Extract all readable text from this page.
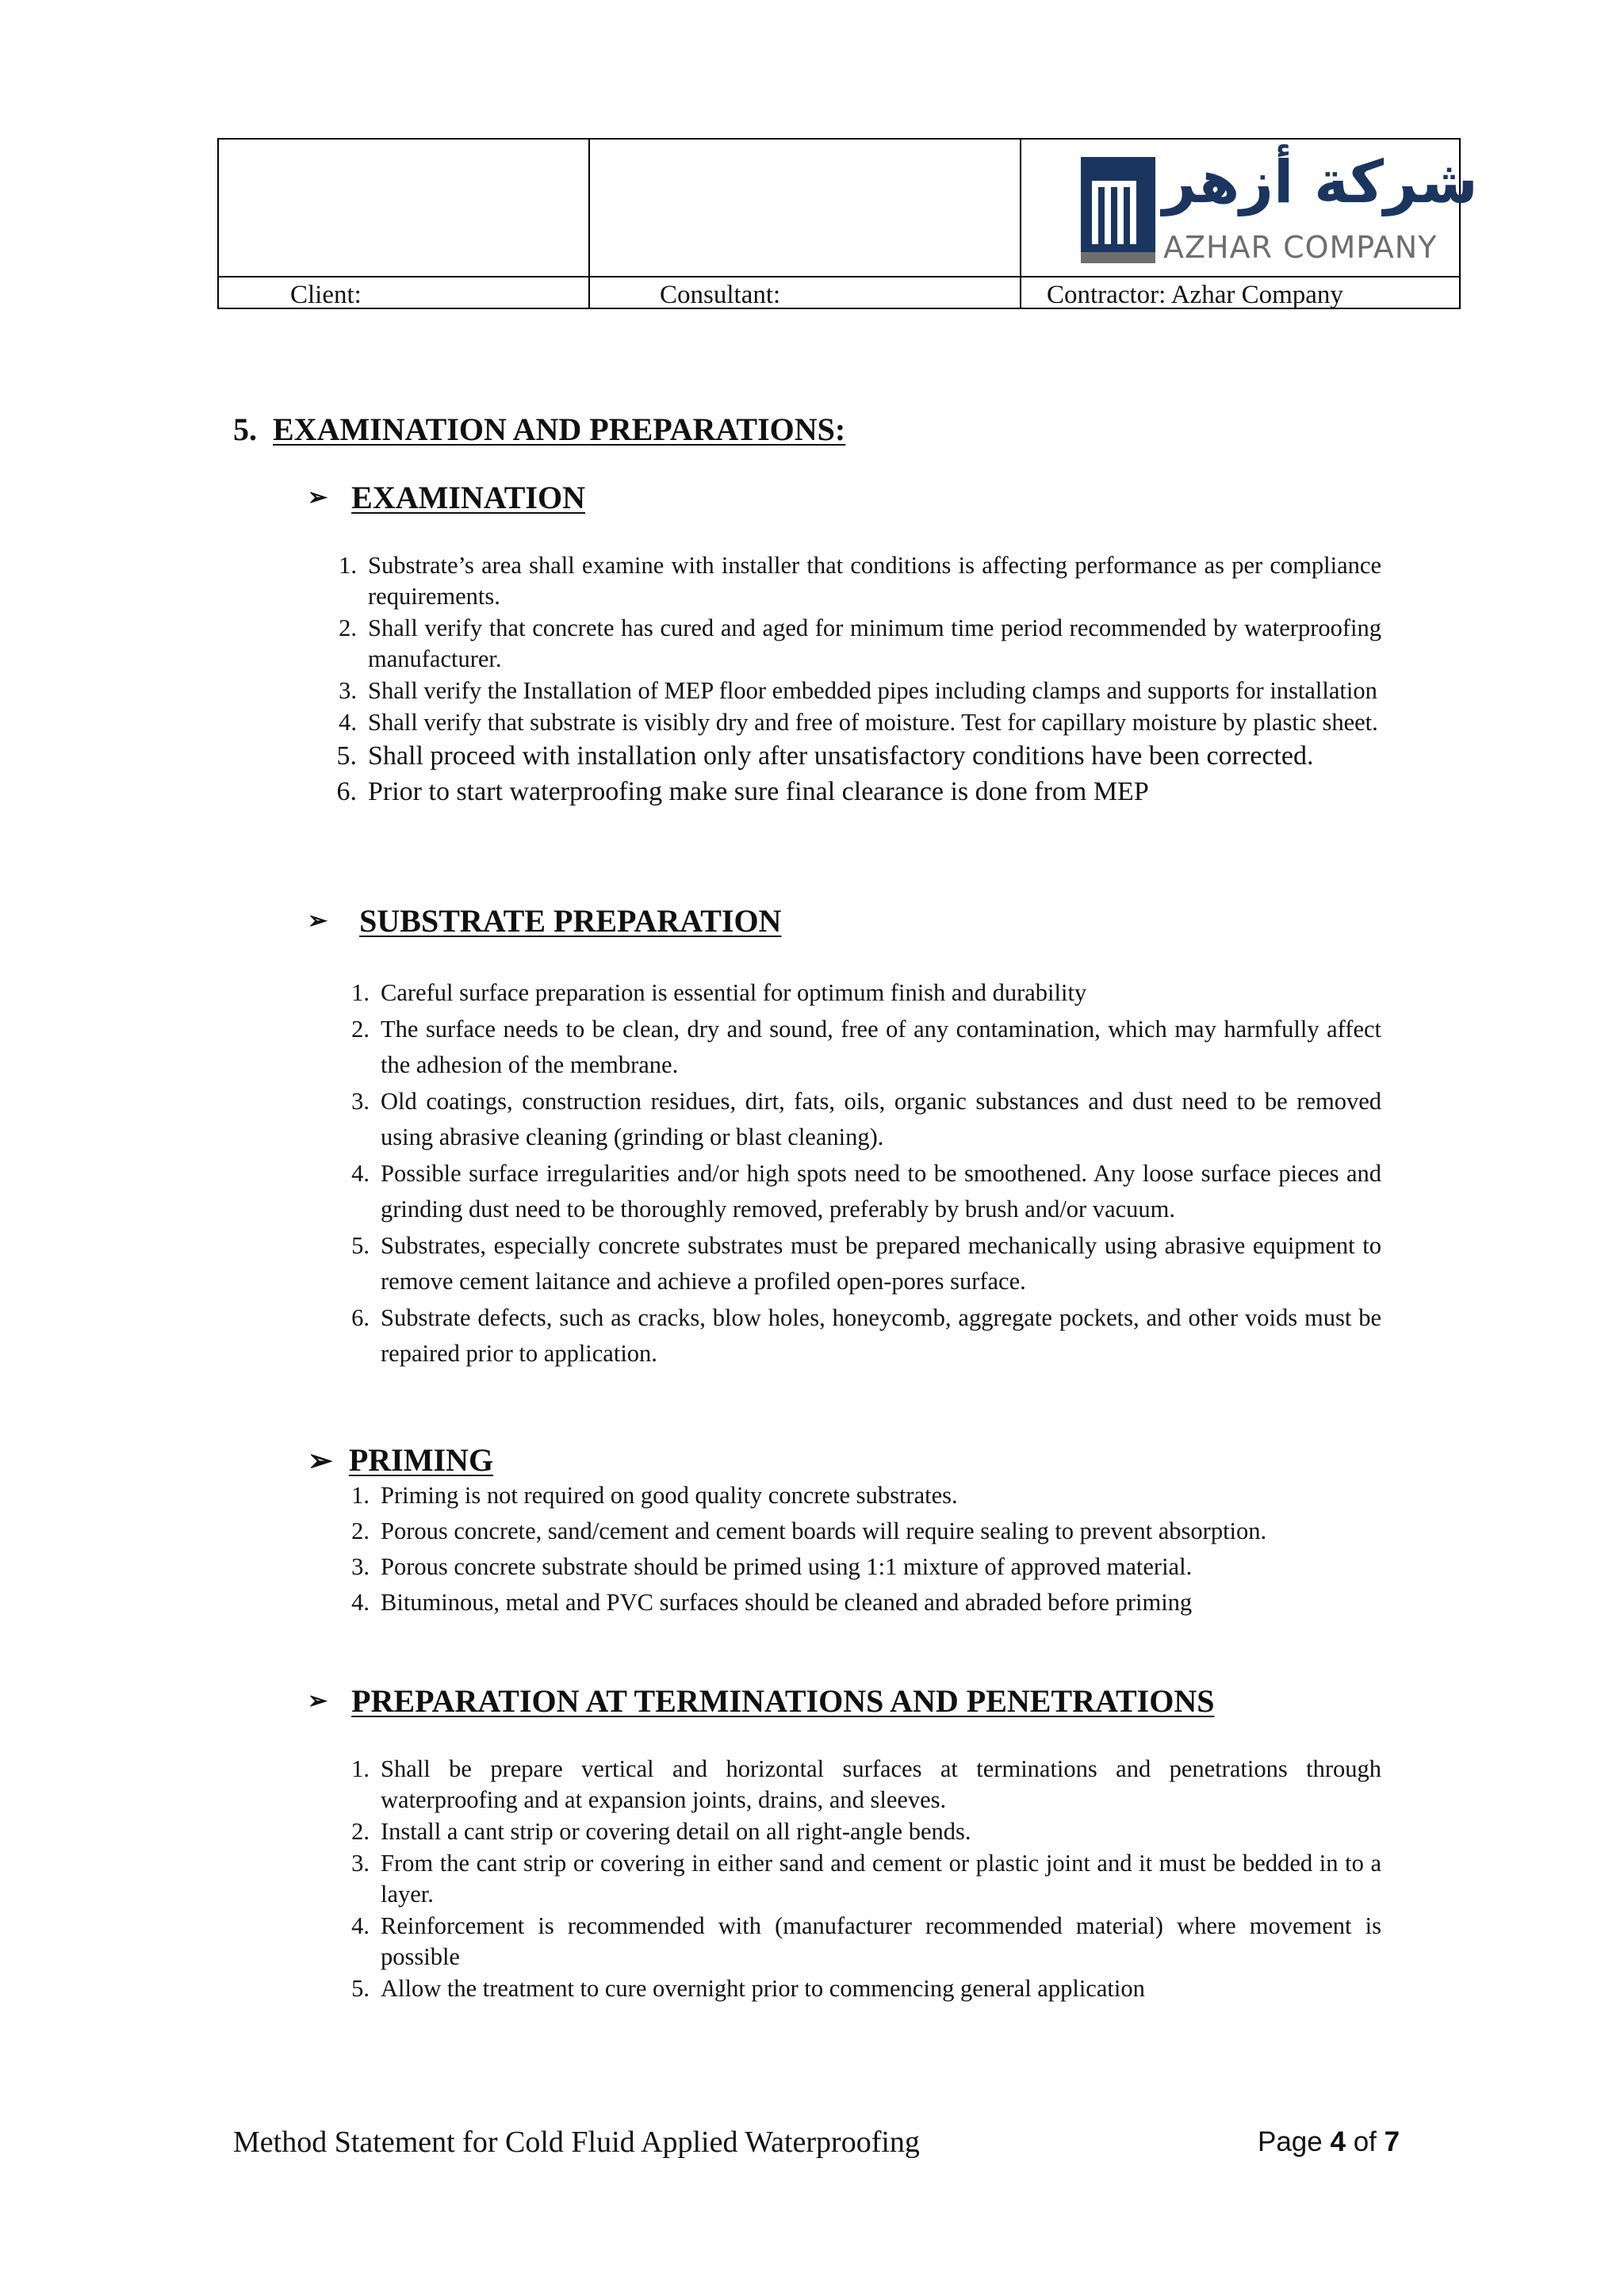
شركة أزهر
AZHAR COMPANY
Client:	Consultant:	Contractor: Azhar Company
5. EXAMINATION AND PREPARATIONS:
➢ EXAMINATION
1. Substrate’s area shall examine with installer that conditions is affecting performance as per compliance requirements.
2. Shall verify that concrete has cured and aged for minimum time period recommended by waterproofing manufacturer.
3. Shall verify the Installation of MEP floor embedded pipes including clamps and supports for installation
4. Shall verify that substrate is visibly dry and free of moisture. Test for capillary moisture by plastic sheet.
5. Shall proceed with installation only after unsatisfactory conditions have been corrected.
6. Prior to start waterproofing make sure final clearance is done from MEP
➢ SUBSTRATE PREPARATION
1. Careful surface preparation is essential for optimum finish and durability
2. The surface needs to be clean, dry and sound, free of any contamination, which may harmfully affect the adhesion of the membrane.
3. Old coatings, construction residues, dirt, fats, oils, organic substances and dust need to be removed using abrasive cleaning (grinding or blast cleaning).
4. Possible surface irregularities and/or high spots need to be smoothened. Any loose surface pieces and grinding dust need to be thoroughly removed, preferably by brush and/or vacuum.
5. Substrates, especially concrete substrates must be prepared mechanically using abrasive equipment to remove cement laitance and achieve a profiled open-pores surface.
6. Substrate defects, such as cracks, blow holes, honeycomb, aggregate pockets, and other voids must be repaired prior to application.
➢ PRIMING
1. Priming is not required on good quality concrete substrates.
2. Porous concrete, sand/cement and cement boards will require sealing to prevent absorption.
3. Porous concrete substrate should be primed using 1:1 mixture of approved material.
4. Bituminous, metal and PVC surfaces should be cleaned and abraded before priming
➢ PREPARATION AT TERMINATIONS AND PENETRATIONS
1. Shall be prepare vertical and horizontal surfaces at terminations and penetrations through waterproofing and at expansion joints, drains, and sleeves.
2. Install a cant strip or covering detail on all right-angle bends.
3. From the cant strip or covering in either sand and cement or plastic joint and it must be bedded in to a layer.
4. Reinforcement is recommended with (manufacturer recommended material) where movement is possible
5. Allow the treatment to cure overnight prior to commencing general application
Method Statement for Cold Fluid Applied Waterproofing	Page 4 of 7
